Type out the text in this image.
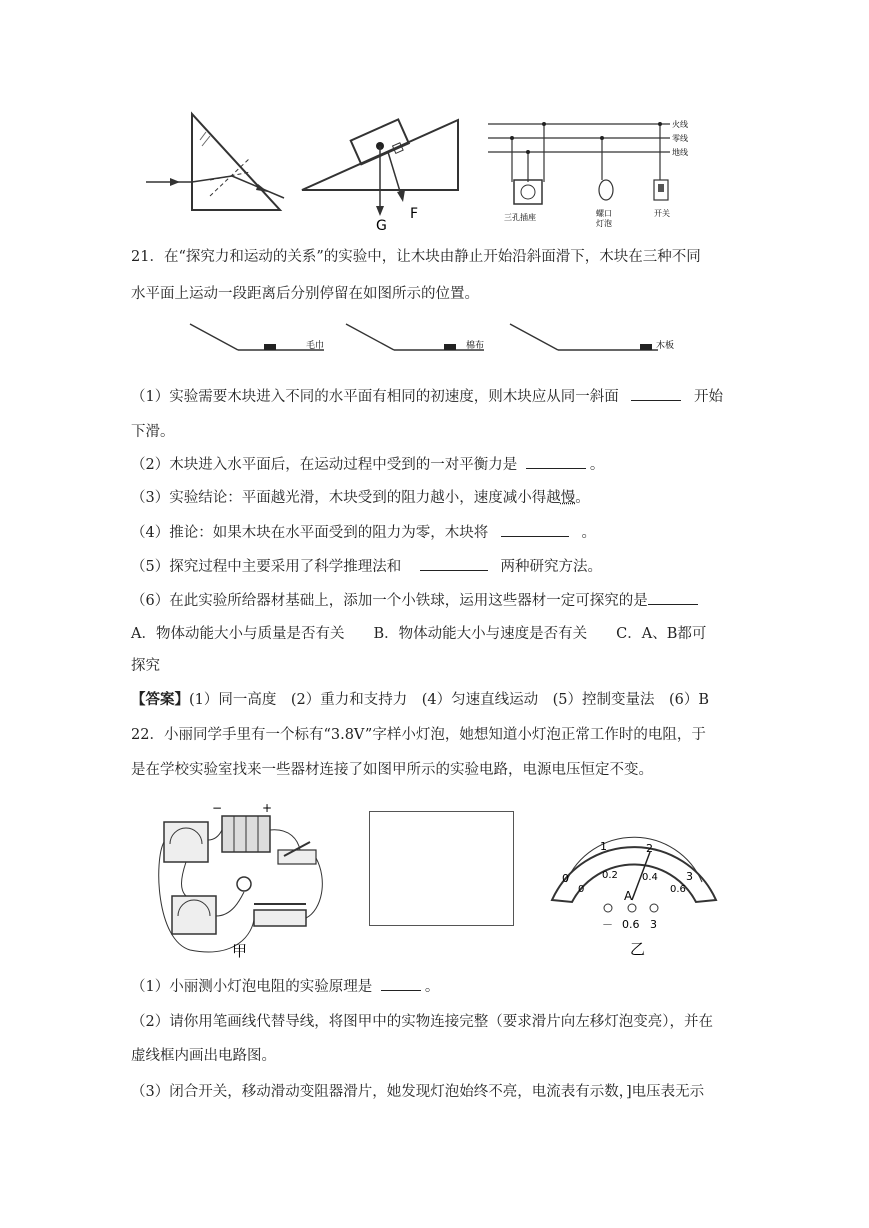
G
F
火线
零线
地线
三孔插座	螺口
灯泡
开关
21．在“探究力和运动的关系”的实验中，让木块由静止开始沿斜面滑下，木块在三种不同
水平面上运动一段距离后分别停留在如图所示的位置。
毛巾	棉布	木板
（1）实验需要木块进入不同的水平面有相同的初速度，则木块应从同一斜面	开始
下滑。
（2）木块进入水平面后，在运动过程中受到的一对平衡力是	。
（3）实验结论：平面越光滑，木块受到的阻力越小，速度减小得越慢。
（4）推论：如果木块在水平面受到的阻力为零，木块将	。
（5）探究过程中主要采用了科学推理法和	两种研究方法。
（6）在此实验所给器材基础上，添加一个小铁球，运用这些器材一定可探究的是
A．物体动能大小与质量是否有关　　B．物体动能大小与速度是否有关　　C．A、B都可
探究
【答案】(1）同一高度　(2）重力和支持力　(4）匀速直线运动　(5）控制变量法　(6）B
22．小丽同学手里有一个标有“3.8V”字样小灯泡，她想知道小灯泡正常工作时的电阻，于
是在学校实验室找来一些器材连接了如图甲所示的实验电路，电源电压恒定不变。
−	+
甲
0
1	2
3
0
0.2 0.4
0.6
A
－ 0.6 3
乙
（1）小丽测小灯泡电阻的实验原理是	。
（2）请你用笔画线代替导线，将图甲中的实物连接完整（要求滑片向左移灯泡变亮），并在
虚线框内画出电路图。
（3）闭合开关，移动滑动变阻器滑片，她发现灯泡始终不亮，电流表有示数，]电压表无示
